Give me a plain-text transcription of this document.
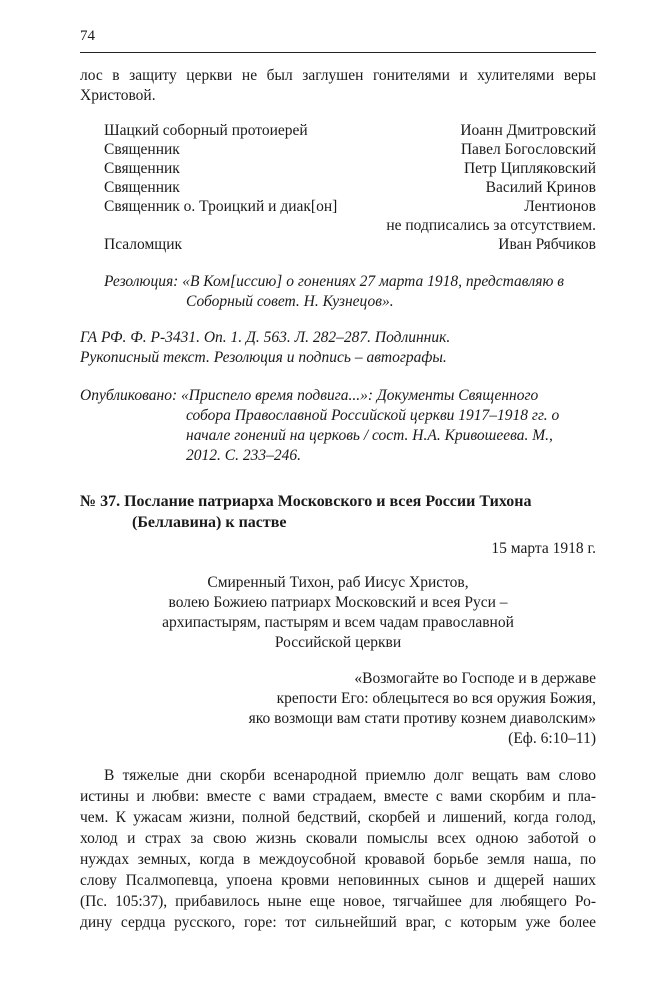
74
лос в защиту церкви не был заглушен гонителями и хулителями веры
Христовой.
Шацкий соборный протоиерей	Иоанн Дмитровский
Священник	Павел Богословский
Священник	Петр Ципляковский
Священник	Василий Кринов
Священник о. Троицкий и диак[он]	Лентионов
не подписались за отсутствием.
Псаломщик	Иван Рябчиков
Резолюция: «В Ком[иссию] о гонениях 27 марта 1918, представляю в
Соборный совет. Н. Кузнецов».
ГА РФ. Ф. Р-3431. Оп. 1. Д. 563. Л. 282–287. Подлинник.
Рукописный текст. Резолюция и подпись – автографы.
Опубликовано: «Приспело время подвига...»: Документы Священного
собора Православной Российской церкви 1917–1918 гг. о
начале гонений на церковь / сост. Н.А. Кривошеева. М.,
2012. С. 233–246.
№ 37. Послание патриарха Московского и всея России Тихона
(Беллавина) к пастве
15 марта 1918 г.
Смиренный Тихон, раб Иисус Христов,
волею Божиею патриарх Московский и всея Руси –
архипастырям, пастырям и всем чадам православной
Российской церкви
«Возмогайте во Господе и в державе
крепости Его: облецытеся во вся оружия Божия,
яко возмощи вам стати противу кознем диаволским»
(Еф. 6:10–11)
В тяжелые дни скорби всенародной приемлю долг вещать вам слово
истины и любви: вместе с вами страдаем, вместе с вами скорбим и пла-
чем. К ужасам жизни, полной бедствий, скорбей и лишений, когда голод,
холод и страх за свою жизнь сковали помыслы всех одною заботой о
нуждах земных, когда в междоусобной кровавой борьбе земля наша, по
слову Псалмопевца, упоена кровми неповинных сынов и дщерей наших
(Пс. 105:37), прибавилось ныне еще новое, тягчайшее для любящего Ро-
дину сердца русского, горе: тот сильнейший враг, с которым уже более
